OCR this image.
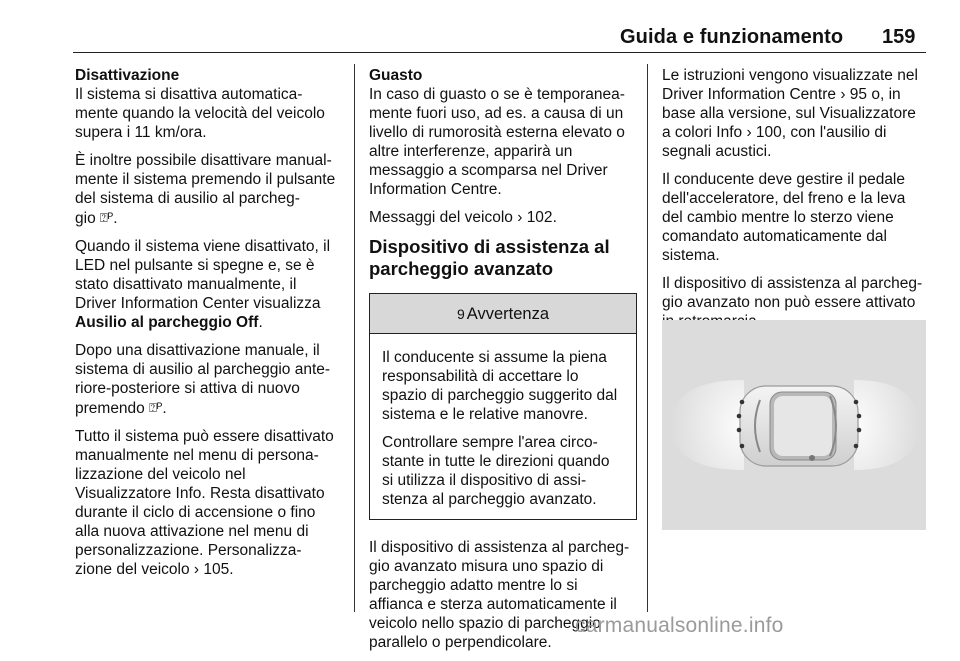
Guida e funzionamento 159
Disattivazione

Il sistema si disattiva automatica-
mente quando la velocità del veicolo
supera i 11 km/ora.

È inoltre possibile disattivare manual-
mente il sistema premendo il pulsante
del sistema di ausilio al parcheg-
gio ⍰ᴾ.

Quando il sistema viene disattivato, il
LED nel pulsante si spegne e, se è
stato disattivato manualmente, il
Driver Information Center visualizza
Ausilio al parcheggio Off.

Dopo una disattivazione manuale, il
sistema di ausilio al parcheggio ante-
riore-posteriore si attiva di nuovo
premendo ⍰ᴾ.

Tutto il sistema può essere disattivato
manualmente nel menu di persona-
lizzazione del veicolo nel
Visualizzatore Info. Resta disattivato
durante il ciclo di accensione o fino
alla nuova attivazione nel menu di
personalizzazione. Personalizza-
zione del veicolo › 105.

Guasto

In caso di guasto o se è temporanea-
mente fuori uso, ad es. a causa di un
livello di rumorosità esterna elevato o
altre interferenze, apparirà un
messaggio a scomparsa nel Driver
Information Centre.

Messaggi del veicolo › 102.

Dispositivo di assistenza al
parcheggio avanzato
9 Avvertenza

Il conducente si assume la piena
responsabilità di accettare lo
spazio di parcheggio suggerito dal
sistema e le relative manovre.

Controllare sempre l'area circo-
stante in tutte le direzioni quando
si utilizza il dispositivo di assi-
stenza al parcheggio avanzato.

Il dispositivo di assistenza al parcheg-
gio avanzato misura uno spazio di
parcheggio adatto mentre lo si
affianca e sterza automaticamente il
veicolo nello spazio di parcheggio
parallelo o perpendicolare.

Le istruzioni vengono visualizzate nel
Driver Information Centre › 95 o, in
base alla versione, sul Visualizzatore
a colori Info › 100, con l'ausilio di
segnali acustici.

Il conducente deve gestire il pedale
dell'acceleratore, del freno e la leva
del cambio mentre lo sterzo viene
comandato automaticamente dal
sistema.

Il dispositivo di assistenza al parcheg-
gio avanzato non può essere attivato

carmanualsonline.info
